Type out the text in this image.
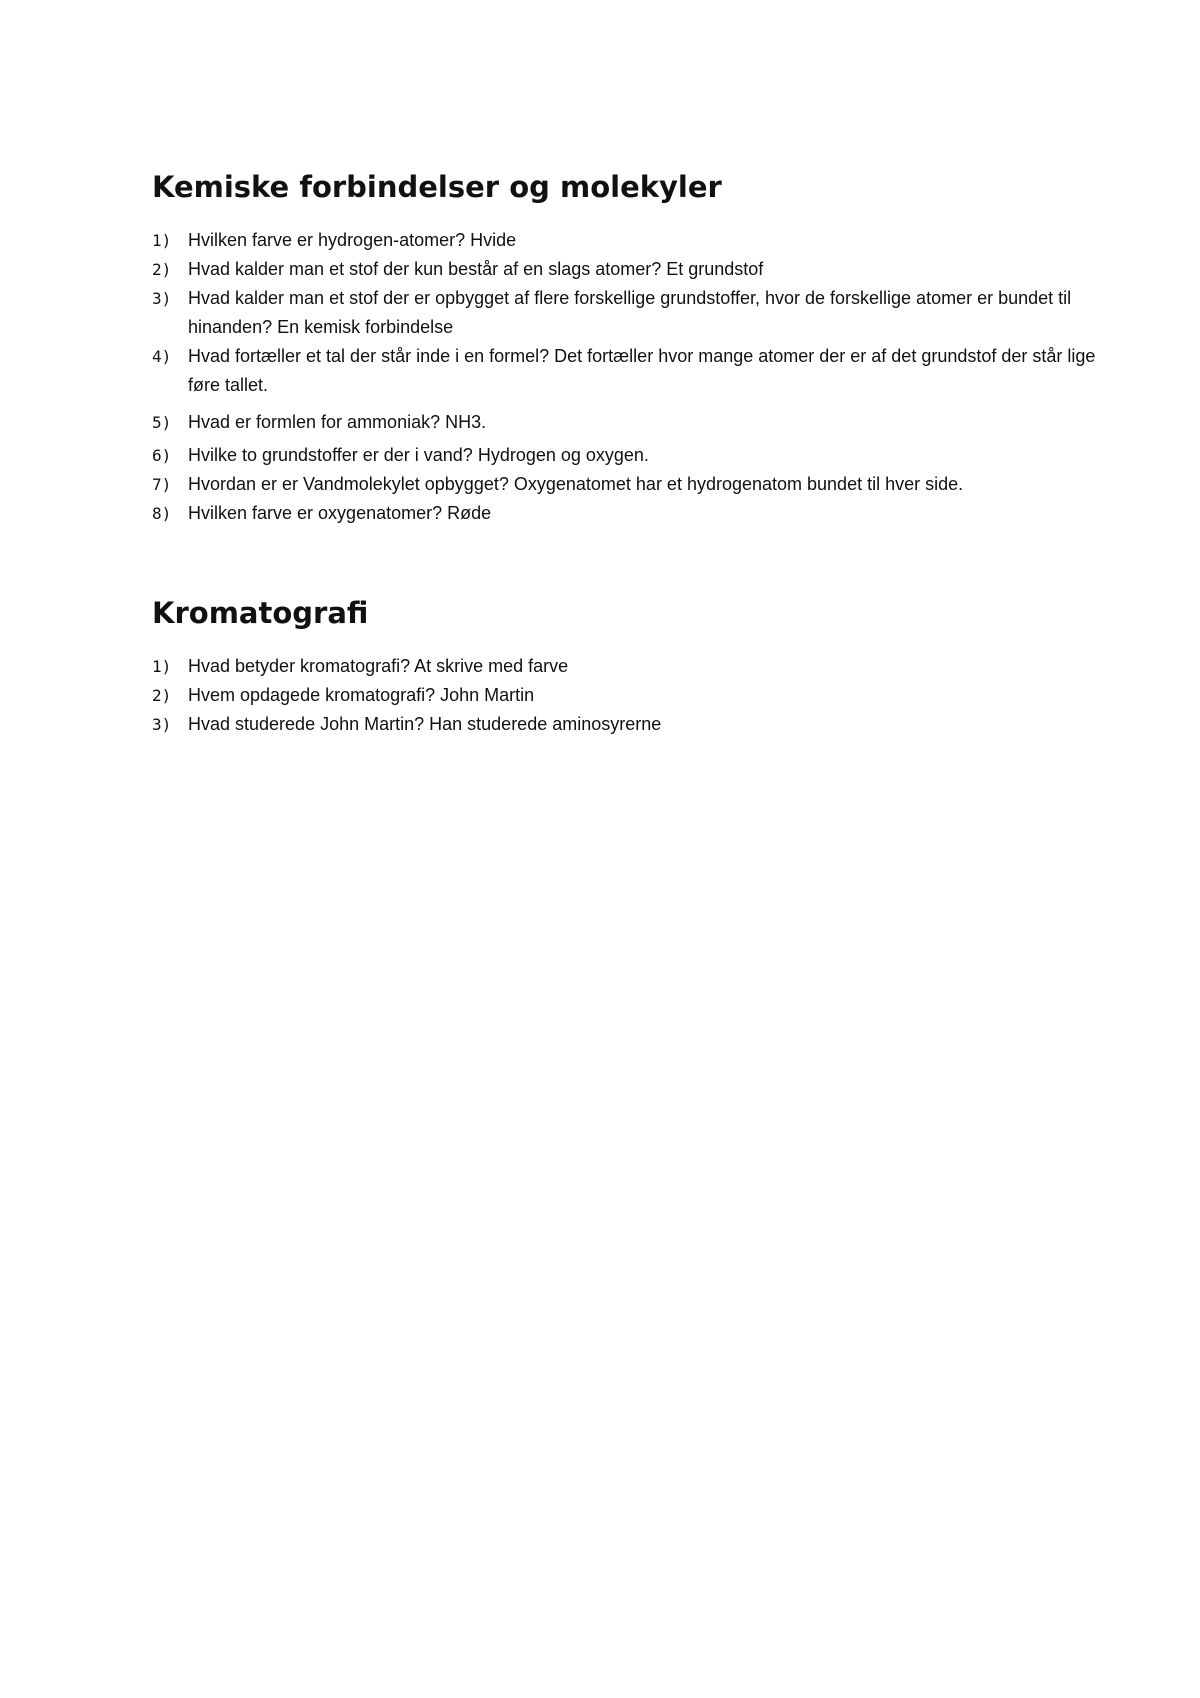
Kemiske forbindelser og molekyler
1) Hvilken farve er hydrogen-atomer? Hvide
2) Hvad kalder man et stof der kun består af en slags atomer? Et grundstof
3) Hvad kalder man et stof der er opbygget af flere forskellige grundstoffer, hvor de forskellige atomer er bundet til hinanden? En kemisk forbindelse
4) Hvad fortæller et tal der står inde i en formel? Det fortæller hvor mange atomer der er af det grundstof der står lige føre tallet.
5) Hvad er formlen for ammoniak? NH3.
6) Hvilke to grundstoffer er der i vand? Hydrogen og oxygen.
7) Hvordan er er Vandmolekylet opbygget? Oxygenatomet har et hydrogenatom bundet til hver side.
8) Hvilken farve er oxygenatomer? Røde
Kromatografi
1) Hvad betyder kromatografi? At skrive med farve
2) Hvem opdagede kromatografi? John Martin
3) Hvad studerede John Martin? Han studerede aminosyrerne
